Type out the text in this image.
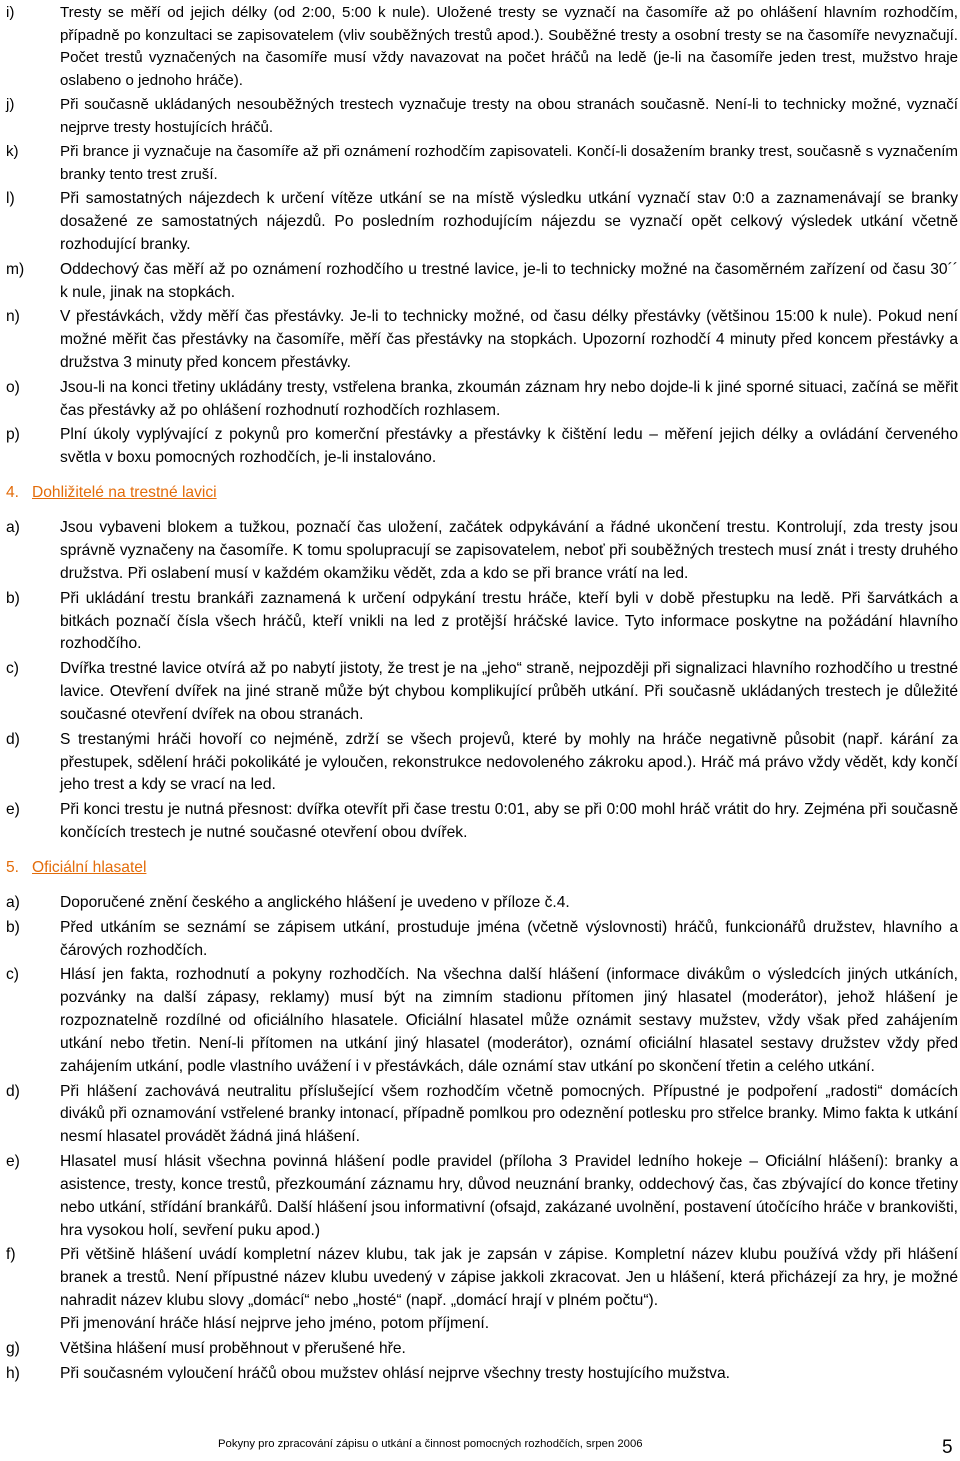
i)	Tresty se měří od jejich délky (od 2:00, 5:00 k nule). Uložené tresty se vyznačí na časomíře až po ohlášení hlavním rozhodčím, případně po konzultaci se zapisovatelem (vliv souběžných trestů apod.). Souběžné tresty a osobní tresty se na časomíře nevyznačují. Počet trestů vyznačených na časomíře musí vždy navazovat na počet hráčů na ledě (je-li na časomíře jeden trest, mužstvo hraje oslabeno o jednoho hráče).

j)	Při současně ukládaných nesouběžných trestech vyznačuje tresty na obou stranách současně. Není-li to technicky možné, vyznačí nejprve tresty hostujících hráčů.

k)	Při brance ji vyznačuje na časomíře až při oznámení rozhodčím zapisovateli. Končí-li dosažením branky trest, současně s vyznačením branky tento trest zruší.

l)	Při samostatných nájezdech k určení vítěze utkání se na místě výsledku utkání vyznačí stav 0:0 a zaznamenávají se branky dosažené ze samostatných nájezdů. Po posledním rozhodujícím nájezdu se vyznačí opět celkový výsledek utkání včetně rozhodující branky.

m) Oddechový čas měří až po oznámení rozhodčího u trestné lavice, je-li to technicky možné na časoměrném zařízení od času 30´´ k nule, jinak na stopkách.

n)	V přestávkách, vždy měří čas přestávky. Je-li to technicky možné, od času délky přestávky (většinou 15:00 k nule). Pokud není možné měřit čas přestávky na časomíře, měří čas přestávky na stopkách. Upozorní rozhodčí 4 minuty před koncem přestávky a družstva 3 minuty před koncem přestávky.

o)	Jsou-li na konci třetiny ukládány tresty, vstřelena branka, zkoumán záznam hry nebo dojde-li k jiné sporné situaci, začíná se měřit čas přestávky až po ohlášení rozhodnutí rozhodčích rozhlasem.

p)	Plní úkoly vyplývající z pokynů pro komerční přestávky a přestávky k čištění ledu – měření jejich délky a ovládání červeného světla v boxu pomocných rozhodčích, je-li instalováno.

4. Dohližitelé na trestné lavici
a)	Jsou vybaveni blokem a tužkou, poznačí čas uložení, začátek odpykávání a řádné ukončení trestu. Kontrolují, zda tresty jsou správně vyznačeny na časomíře. K tomu spolupracují se zapisovatelem, neboť při souběžných trestech musí znát i tresty druhého družstva. Při oslabení musí v každém okamžiku vědět, zda a kdo se při brance vrátí na led.

b)	Při ukládání trestu brankáři zaznamená k určení odpykání trestu hráče, kteří byli v době přestupku na ledě. Při šarvátkách a bitkách poznačí čísla všech hráčů, kteří vnikli na led z protější hráčské lavice. Tyto informace poskytne na požádání hlavního rozhodčího.

c)	Dvířka trestné lavice otvírá až po nabytí jistoty, že trest je na „jeho“ straně, nejpozději při signalizaci hlavního rozhodčího u trestné lavice. Otevření dvířek na jiné straně může být chybou komplikující průběh utkání. Při současně ukládaných trestech je důležité současné otevření dvířek na obou stranách.

d)	S trestanými hráči hovoří co nejméně, zdrží se všech projevů, které by mohly na hráče negativně působit (např. kárání za přestupek, sdělení hráči pokolikáté je vyloučen, rekonstrukce nedovoleného zákroku apod.). Hráč má právo vždy vědět, kdy končí jeho trest a kdy se vrací na led.

e)	Při konci trestu je nutná přesnost: dvířka otevřít při čase trestu 0:01, aby se při 0:00 mohl hráč vrátit do hry. Zejména při současně končících trestech je nutné současné otevření obou dvířek.

5. Oficiální hlasatel
a)	Doporučené znění českého a anglického hlášení je uvedeno v příloze č.4.

b)	Před utkáním se seznámí se zápisem utkání, prostuduje jména (včetně výslovnosti) hráčů, funkcionářů družstev, hlavního a čárových rozhodčích.

c)	Hlásí jen fakta, rozhodnutí a pokyny rozhodčích. Na všechna další hlášení (informace divákům o výsledcích jiných utkáních, pozvánky na další zápasy, reklamy) musí být na zimním stadionu přítomen jiný hlasatel (moderátor), jehož hlášení je rozpoznatelně rozdílné od oficiálního hlasatele. Oficiální hlasatel může oznámit sestavy mužstev, vždy však před zahájením utkání nebo třetin. Není-li přítomen na utkání jiný hlasatel (moderátor), oznámí oficiální hlasatel sestavy družstev vždy před zahájením utkání, podle vlastního uvážení i v přestávkách, dále oznámí stav utkání po skončení třetin a celého utkání.

d)	Při hlášení zachovává neutralitu příslušející všem rozhodčím včetně pomocných. Přípustné je podpoření „radosti“ domácích diváků při oznamování vstřelené branky intonací, případně pomlkou pro odeznění potlesku pro střelce branky. Mimo fakta k utkání nesmí hlasatel provádět žádná jiná hlášení.

e)	Hlasatel musí hlásit všechna povinná hlášení podle pravidel (příloha 3 Pravidel ledního hokeje – Oficiální hlášení): branky a asistence, tresty, konce trestů, přezkoumání záznamu hry, důvod neuznání branky, oddechový čas, čas zbývající do konce třetiny nebo utkání, střídání brankářů. Další hlášení jsou informativní (ofsajd, zakázané uvolnění, postavení útočícího hráče v brankovišti, hra vysokou holí, sevření puku apod.)

f)	Při většině hlášení uvádí kompletní název klubu, tak jak je zapsán v zápise. Kompletní název klubu používá vždy při hlášení branek a trestů. Není přípustné název klubu uvedený v zápise jakkoli zkracovat. Jen u hlášení, která přicházejí za hry, je možné nahradit název klubu slovy „domácí“ nebo „hosté“ (např. „domácí hrají v plném počtu“).

Při jmenování hráče hlásí nejprve jeho jméno, potom příjmení.

g)	Většina hlášení musí proběhnout v přerušené hře.

h)	Při současném vyloučení hráčů obou mužstev ohlásí nejprve všechny tresty hostujícího mužstva.

Pokyny pro zpracování zápisu o utkání a činnost pomocných rozhodčích, srpen 2006	5
